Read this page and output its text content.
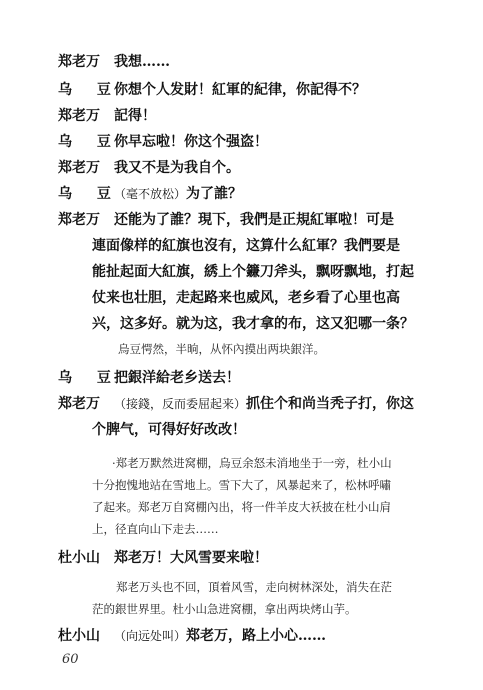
郑老万 我想……
乌 豆你想个人发財！紅軍的紀律，你記得不？
郑老万 記得！
乌 豆你早忘啦！你这个强盗！
郑老万 我又不是为我自个。
乌 豆（毫不放松）为了誰？
郑老万 还能为了誰？現下，我們是正規紅軍啦！可是
連面像样的紅旗也沒有，这算什么紅軍？我們要是
能扯起面大紅旗，綉上个鐮刀斧头，飘呀飘地，打起
仗来也壮胆，走起路来也威风，老乡看了心里也高
兴，这多好。就为这，我才拿的布，这又犯哪一条？
烏豆愕然，半晌，从怀內摸出两块銀洋。
乌 豆把銀洋給老乡送去！
郑老万 （接錢，反而委屈起来）抓住个和尚当秃子打，你这
个脾气，可得好好改改！
·郑老万默然进窝棚，烏豆余怒未消地坐于一旁，杜小山
十分抱愧地站在雪地上。雪下大了，风暴起来了，松林呼嘯
了起来。郑老万自窝棚內出，将一件羊皮大袄披在杜小山肩
上，径直向山下走去……
杜小山 郑老万！大风雪要来啦！
郑老万头也不回，頂着风雪，走向树林深处，消失在茫
茫的銀世界里。杜小山急进窝棚，拿出两块烤山芋。
杜小山 （向远处叫）郑老万，路上小心……
60
